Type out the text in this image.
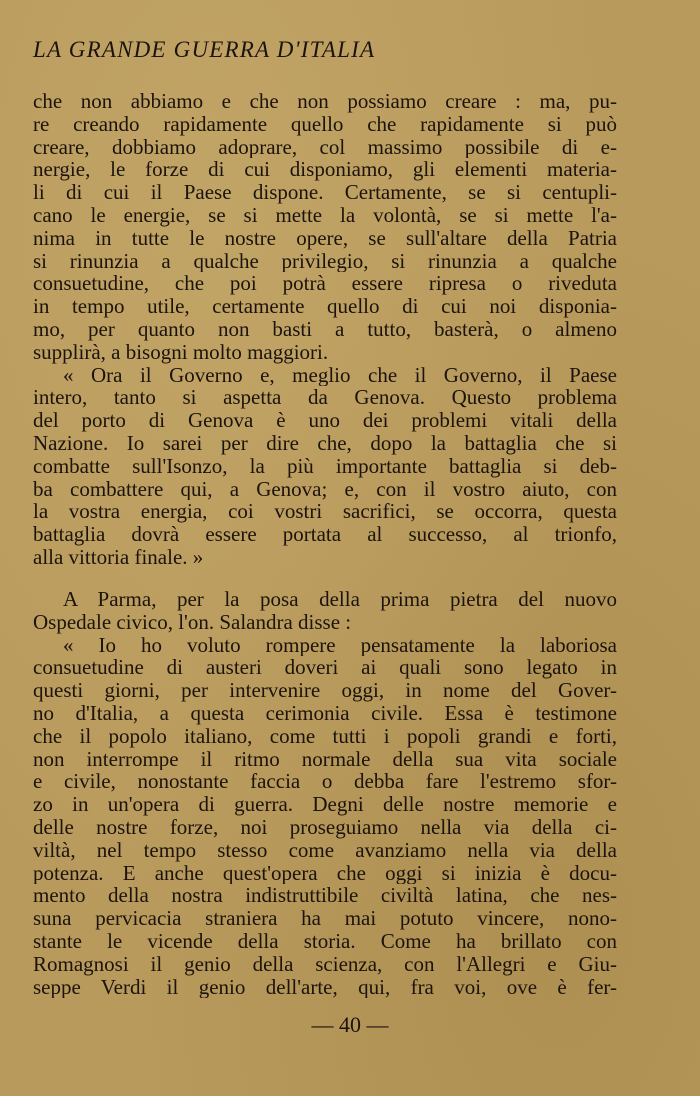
LA GRANDE GUERRA D'ITALIA
che non abbiamo e che non possiamo creare : ma, pu-
re creando rapidamente quello che rapidamente si può
creare, dobbiamo adoprare, col massimo possibile di e-
nergie, le forze di cui disponiamo, gli elementi materia-
li di cui il Paese dispone. Certamente, se si centupli-
cano le energie, se si mette la volontà, se si mette l'a-
nima in tutte le nostre opere, se sull'altare della Patria
si rinunzia a qualche privilegio, si rinunzia a qualche
consuetudine, che poi potrà essere ripresa o riveduta
in tempo utile, certamente quello di cui noi disponia-
mo, per quanto non basti a tutto, basterà, o almeno
supplirà, a bisogni molto maggiori.
« Ora il Governo e, meglio che il Governo, il Paese
intero, tanto si aspetta da Genova. Questo problema
del porto di Genova è uno dei problemi vitali della
Nazione. Io sarei per dire che, dopo la battaglia che si
combatte sull'Isonzo, la più importante battaglia si deb-
ba combattere qui, a Genova; e, con il vostro aiuto, con
la vostra energia, coi vostri sacrifici, se occorra, questa
battaglia dovrà essere portata al successo, al trionfo,
alla vittoria finale. »
A Parma, per la posa della prima pietra del nuovo
Ospedale civico, l'on. Salandra disse :
« Io ho voluto rompere pensatamente la laboriosa
consuetudine di austeri doveri ai quali sono legato in
questi giorni, per intervenire oggi, in nome del Gover-
no d'Italia, a questa cerimonia civile. Essa è testimone
che il popolo italiano, come tutti i popoli grandi e forti,
non interrompe il ritmo normale della sua vita sociale
e civile, nonostante faccia o debba fare l'estremo sfor-
zo in un'opera di guerra. Degni delle nostre memorie e
delle nostre forze, noi proseguiamo nella via della ci-
viltà, nel tempo stesso come avanziamo nella via della
potenza. E anche quest'opera che oggi si inizia è docu-
mento della nostra indistruttibile civiltà latina, che nes-
suna pervicacia straniera ha mai potuto vincere, nono-
stante le vicende della storia. Come ha brillato con
Romagnosi il genio della scienza, con l'Allegri e Giu-
seppe Verdi il genio dell'arte, qui, fra voi, ove è fer-
— 40 —
